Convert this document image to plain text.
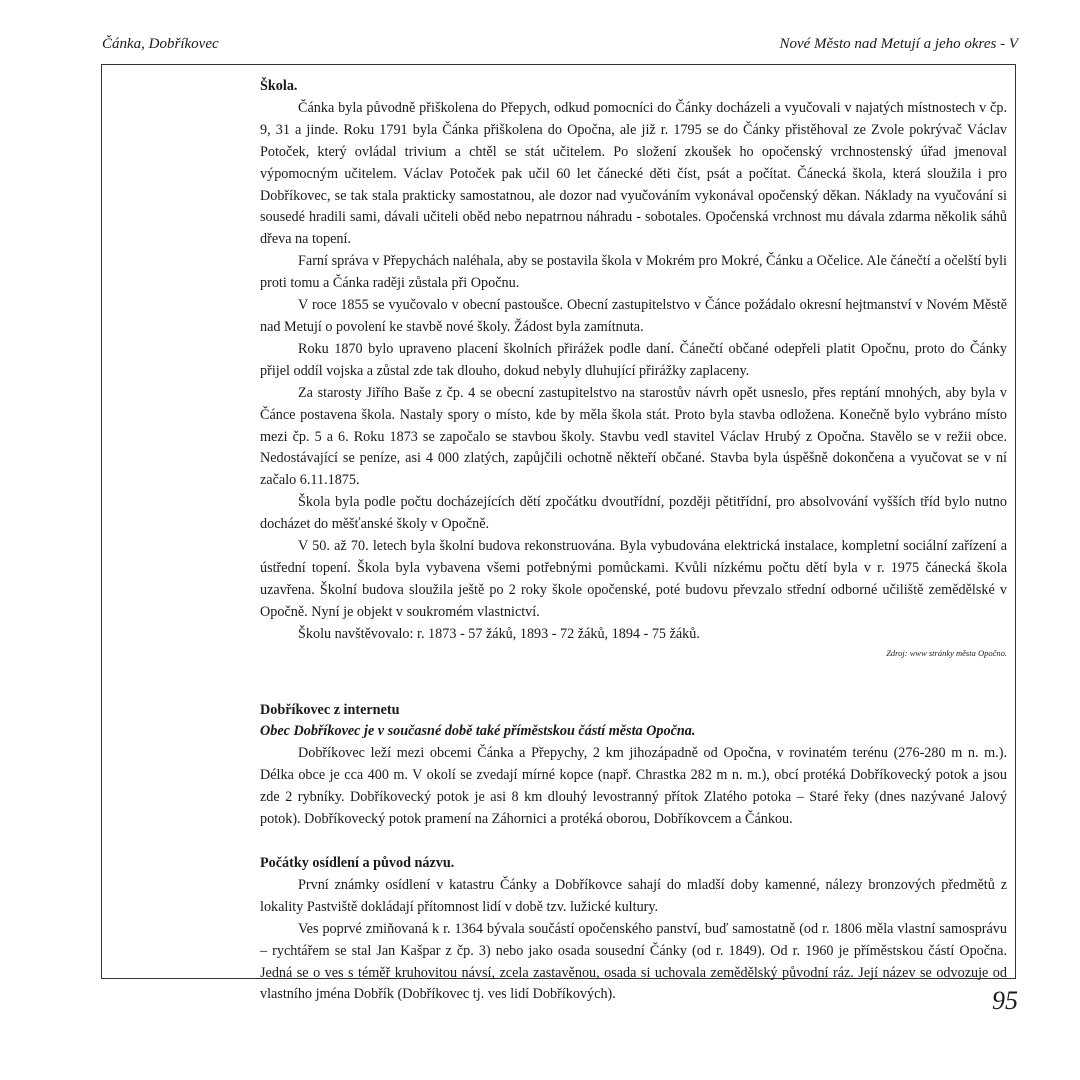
Čánka, Dobříkovec	Nové Město nad Metují a jeho okres - V
Škola.

Čánka byla původně přiškolena do Přepych, odkud pomocníci do Čánky docházeli a vyučovali v najatých místnostech v čp. 9, 31 a jinde. Roku 1791 byla Čánka přiškolena do Opočna, ale již r. 1795 se do Čánky přistěhoval ze Zvole pokrývač Václav Potoček, který ovládal trivium a chtěl se stát učitelem. Po složení zkoušek ho opočenský vrchnostenský úřad jmenoval výpomocným učitelem. Václav Potoček pak učil 60 let čánecké děti číst, psát a počítat. Čánecká škola, která sloužila i pro Dobříkovec, se tak stala prakticky samostatnou, ale dozor nad vyučováním vykonával opočenský děkan. Náklady na vyučování si sousedé hradili sami, dávali učiteli oběd nebo nepatrnou náhradu - sobotales. Opočenská vrchnost mu dávala zdarma několik sáhů dřeva na topení.

Farní správa v Přepychách naléhala, aby se postavila škola v Mokrém pro Mokré, Čánku a Očelice. Ale čánečtí a očelští byli proti tomu a Čánka raději zůstala při Opočnu.

V roce 1855 se vyučovalo v obecní pastoušce. Obecní zastupitelstvo v Čánce požádalo okresní hejtmanství v Novém Městě nad Metují o povolení ke stavbě nové školy. Žádost byla zamítnuta.

Roku 1870 bylo upraveno placení školních přirážek podle daní. Čánečtí občané odepřeli platit Opočnu, proto do Čánky přijel oddíl vojska a zůstal zde tak dlouho, dokud nebyly dluhující přirážky zaplaceny.

Za starosty Jiřího Baše z čp. 4 se obecní zastupitelstvo na starostův návrh opět usneslo, přes reptání mnohých, aby byla v Čánce postavena škola. Nastaly spory o místo, kde by měla škola stát. Proto byla stavba odložena. Konečně bylo vybráno místo mezi čp. 5 a 6. Roku 1873 se započalo se stavbou školy. Stavbu vedl stavitel Václav Hrubý z Opočna. Stavělo se v režii obce. Nedostávající se peníze, asi 4 000 zlatých, zapůjčili ochotně někteří občané. Stavba byla úspěšně dokončena a vyučovat se v ní začalo 6.11.1875.

Škola byla podle počtu docházejících dětí zpočátku dvoutřídní, později pětitřídní, pro absolvování vyšších tříd bylo nutno docházet do měšťanské školy v Opočně.

V 50. až 70. letech byla školní budova rekonstruována. Byla vybudována elektrická instalace, kompletní sociální zařízení a ústřední topení. Škola byla vybavena všemi potřebnými pomůckami. Kvůli nízkému počtu dětí byla v r. 1975 čánecká škola uzavřena. Školní budova sloužila ještě po 2 roky škole opočenské, poté budovu převzalo střední odborné učiliště zemědělské v Opočně. Nyní je objekt v soukromém vlastnictví.

Školu navštěvovalo: r. 1873 - 57 žáků, 1893 - 72 žáků, 1894 - 75 žáků.

Zdroj: www stránky města Opočno.

Dobříkovec z internetu

Obec Dobříkovec je v současné době také příměstskou částí města Opočna.

Dobříkovec leží mezi obcemi Čánka a Přepychy, 2 km jihozápadně od Opočna, v rovinatém terénu (276-280 m n. m.). Délka obce je cca 400 m. V okolí se zvedají mírné kopce (např. Chrastka 282 m n. m.), obcí protéká Dobříkovecký potok a jsou zde 2 rybníky. Dobříkovecký potok je asi 8 km dlouhý levostranný přítok Zlatého potoka – Staré řeky (dnes nazývané Jalový potok). Dobříkovecký potok pramení na Záhornici a protéká oborou, Dobříkovcem a Čánkou.

Počátky osídlení a původ názvu.

První známky osídlení v katastru Čánky a Dobříkovce sahají do mladší doby kamenné, nálezy bronzových předmětů z lokality Pastviště dokládají přítomnost lidí v době tzv. lužické kultury.

Ves poprvé zmiňovaná k r. 1364 bývala součástí opočenského panství, buď samostatně (od r. 1806 měla vlastní samosprávu – rychtářem se stal Jan Kašpar z čp. 3) nebo jako osada sousední Čánky (od r. 1849). Od r. 1960 je příměstskou částí Opočna. Jedná se o ves s téměř kruhovitou návsí, zcela zastavěnou, osada si uchovala zemědělský původní ráz. Její název se odvozuje od vlastního jména Dobřík (Dobříkovec tj. ves lidí Dobříkových).	95
